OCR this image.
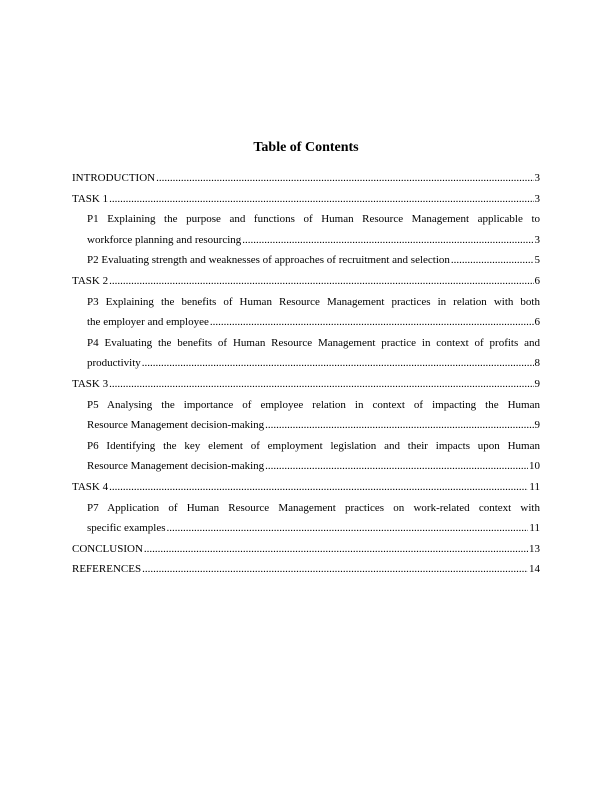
Table of Contents
INTRODUCTION .....	3
TASK 1 .....	3
P1 Explaining the purpose and functions of Human Resource Management applicable to
workforce planning and resourcing .....	3
P2 Evaluating strength and weaknesses of approaches of recruitment and selection .....	5
TASK 2 .....	6
P3 Explaining the benefits of Human Resource Management practices in relation with both
the employer and employee .....	6
P4 Evaluating the benefits of Human Resource Management practice in context of profits and
productivity .....	8
TASK 3 .....	9
P5 Analysing the importance of employee relation in context of impacting the Human
Resource Management decision-making .....	9
P6 Identifying the key element of employment legislation and their impacts upon Human
Resource Management decision-making .....	10
TASK 4 .....	11
P7 Application of Human Resource Management practices on work-related context with
specific examples .....	11
CONCLUSION .....	13
REFERENCES .....	14
